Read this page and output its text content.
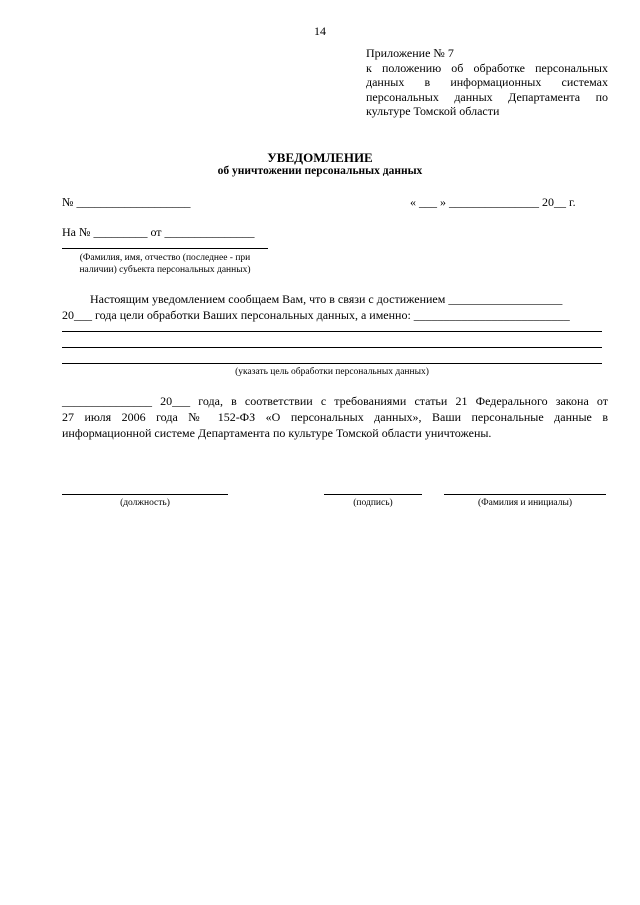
14
Приложение № 7
к положению об обработке персональных
данных в информационных системах
персональных данных Департамента по
культуре Томской области
УВЕДОМЛЕНИЕ
об уничтожении персональных данных
№ ___________________	« ___ » _______________ 20__ г.
На № _________ от _______________
(Фамилия, имя, отчество (последнее - при
наличии) субъекта персональных данных)
Настоящим уведомлением сообщаем Вам, что в связи с достижением ___________________
20___ года цели обработки Ваших персональных данных, а именно: __________________________
(указать цель обработки персональных данных)
_______________ 20___ года, в соответствии с требованиями статьи 21 Федерального закона от
27 июля 2006 года № 152-ФЗ «О персональных данных», Ваши персональные данные в
информационной системе Департамента по культуре Томской области уничтожены.
(должность)	(подпись)	(Фамилия и инициалы)
